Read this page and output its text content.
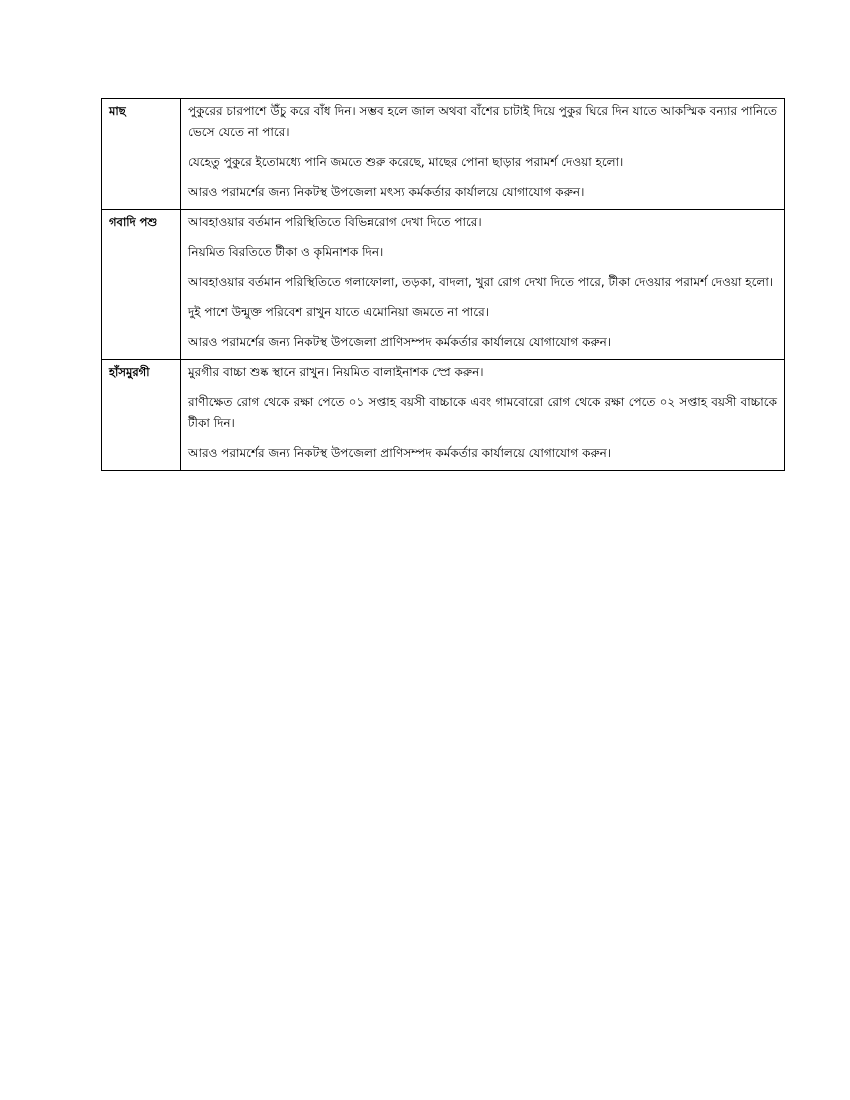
মাছ	পুকুরের চারপাশে উঁচু করে বাঁধ দিন। সম্ভব হলে জাল অথবা বাঁশের চাটাই দিয়ে পুকুর ঘিরে দিন যাতে আকস্মিক বন্যার পানিতে ভেসে যেতে না পারে।

যেহেতু পুকুরে ইতোমধ্যে পানি জমতে শুরু করেছে, মাছের পোনা ছাড়ার পরামর্শ দেওয়া হলো।

আরও পরামর্শের জন্য নিকটস্থ উপজেলা মৎস্য কর্মকর্তার কার্যালয়ে যোগাযোগ করুন।

গবাদি পশু	আবহাওয়ার বর্তমান পরিস্থিতিতে বিভিন্নরোগ দেখা দিতে পারে।

নিয়মিত বিরতিতে টীকা ও কৃমিনাশক দিন।

আবহাওয়ার বর্তমান পরিস্থিতিতে গলাফোলা, তড়কা, বাদলা, খুরা রোগ দেখা দিতে পারে, টীকা দেওয়ার পরামর্শ দেওয়া হলো।

দুই পাশে উন্মুক্ত পরিবেশ রাখুন যাতে এমোনিয়া জমতে না পারে।

আরও পরামর্শের জন্য নিকটস্থ উপজেলা প্রাণিসম্পদ কর্মকর্তার কার্যালয়ে যোগাযোগ করুন।

হাঁসমুরগী	মুরগীর বাচ্চা শুষ্ক স্থানে রাখুন। নিয়মিত বালাইনাশক স্প্রে করুন।

রাণীক্ষেত রোগ থেকে রক্ষা পেতে ০১ সপ্তাহ বয়সী বাচ্চাকে এবং গামবোরো রোগ থেকে রক্ষা পেতে ০২ সপ্তাহ বয়সী বাচ্চাকে টীকা দিন।

আরও পরামর্শের জন্য নিকটস্থ উপজেলা প্রাণিসম্পদ কর্মকর্তার কার্যালয়ে যোগাযোগ করুন।
